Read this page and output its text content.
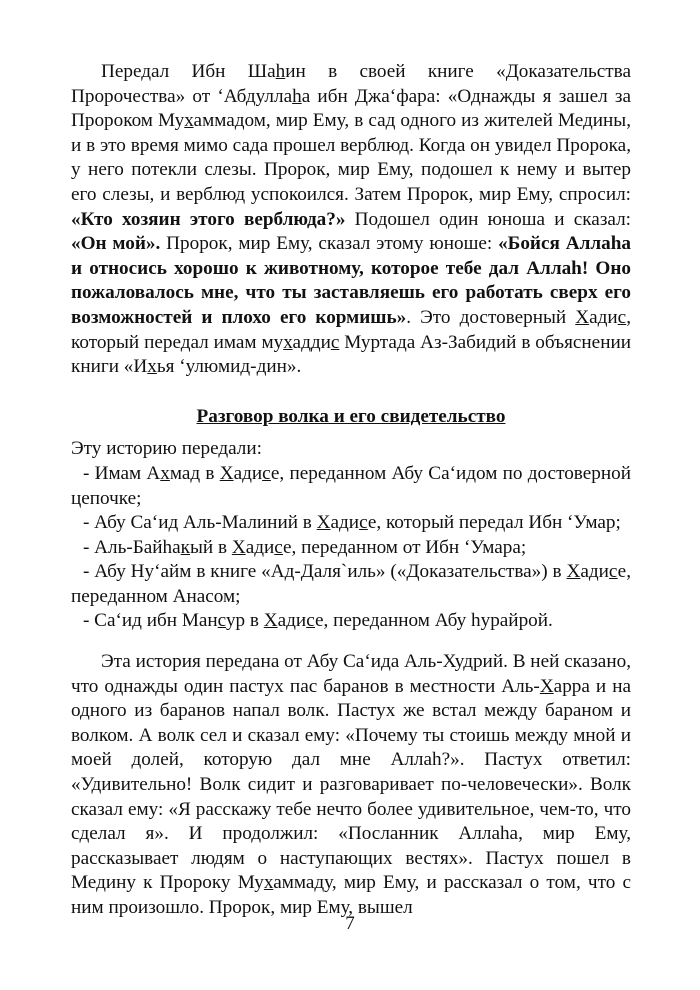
Передал Ибн Шаhин в своей книге «Доказательства Пророчества» от ‘Абдуллаhа ибн Джа‘фара: «Однажды я зашел за Пророком Мухаммадом, мир Ему, в сад одного из жителей Медины, и в это время мимо сада прошел верблюд. Когда он увидел Пророка, у него потекли слезы. Пророк, мир Ему, подошел к нему и вытер его слезы, и верблюд успокоился. Затем Пророк, мир Ему, спросил: «Кто хозяин этого верблюда?» Подошел один юноша и сказал: «Он мой». Пророк, мир Ему, сказал этому юноше: «Бойся Аллаhа и относись хорошо к животному, которое тебе дал Аллаh! Оно пожаловалось мне, что ты заставляешь его работать сверх его возможностей и плохо его кормишь». Это достоверный Хадис, который передал имам мухаддис Муртада Аз-Забидий в объяснении книги «Ихья ‘улюмид-дин».

Разговор волка и его свидетельство

Эту историю передали:

- Имам Ахмад в Хадисе, переданном Абу Са‘идом по достоверной цепочке;
- Абу Са‘ид Аль-Малиний в Хадисе, который передал Ибн ‘Умар;
- Аль-Байhакый в Хадисе, переданном от Ибн ‘Умара;
- Абу Ну‘айм в книге «Ад-Даля`иль» («Доказательства») в Хадисе, переданном Анасом;
- Са‘ид ибн Мансур в Хадисе, переданном Абу hурайрой.

Эта история передана от Абу Са‘ида Аль-Худрий. В ней сказано, что однажды один пастух пас баранов в местности Аль-Харра и на одного из баранов напал волк. Пастух же встал между бараном и волком. А волк сел и сказал ему: «Почему ты стоишь между мной и моей долей, которую дал мне Аллаh?». Пастух ответил: «Удивительно! Волк сидит и разговаривает по-человечески». Волк сказал ему: «Я расскажу тебе нечто более удивительное, чем-то, что сделал я». И продолжил: «Посланник Аллаhа, мир Ему, рассказывает людям о наступающих вестях». Пастух пошел в Медину к Пророку Мухаммаду, мир Ему, и рассказал о том, что с ним произошло. Пророк, мир Ему, вышел

7
